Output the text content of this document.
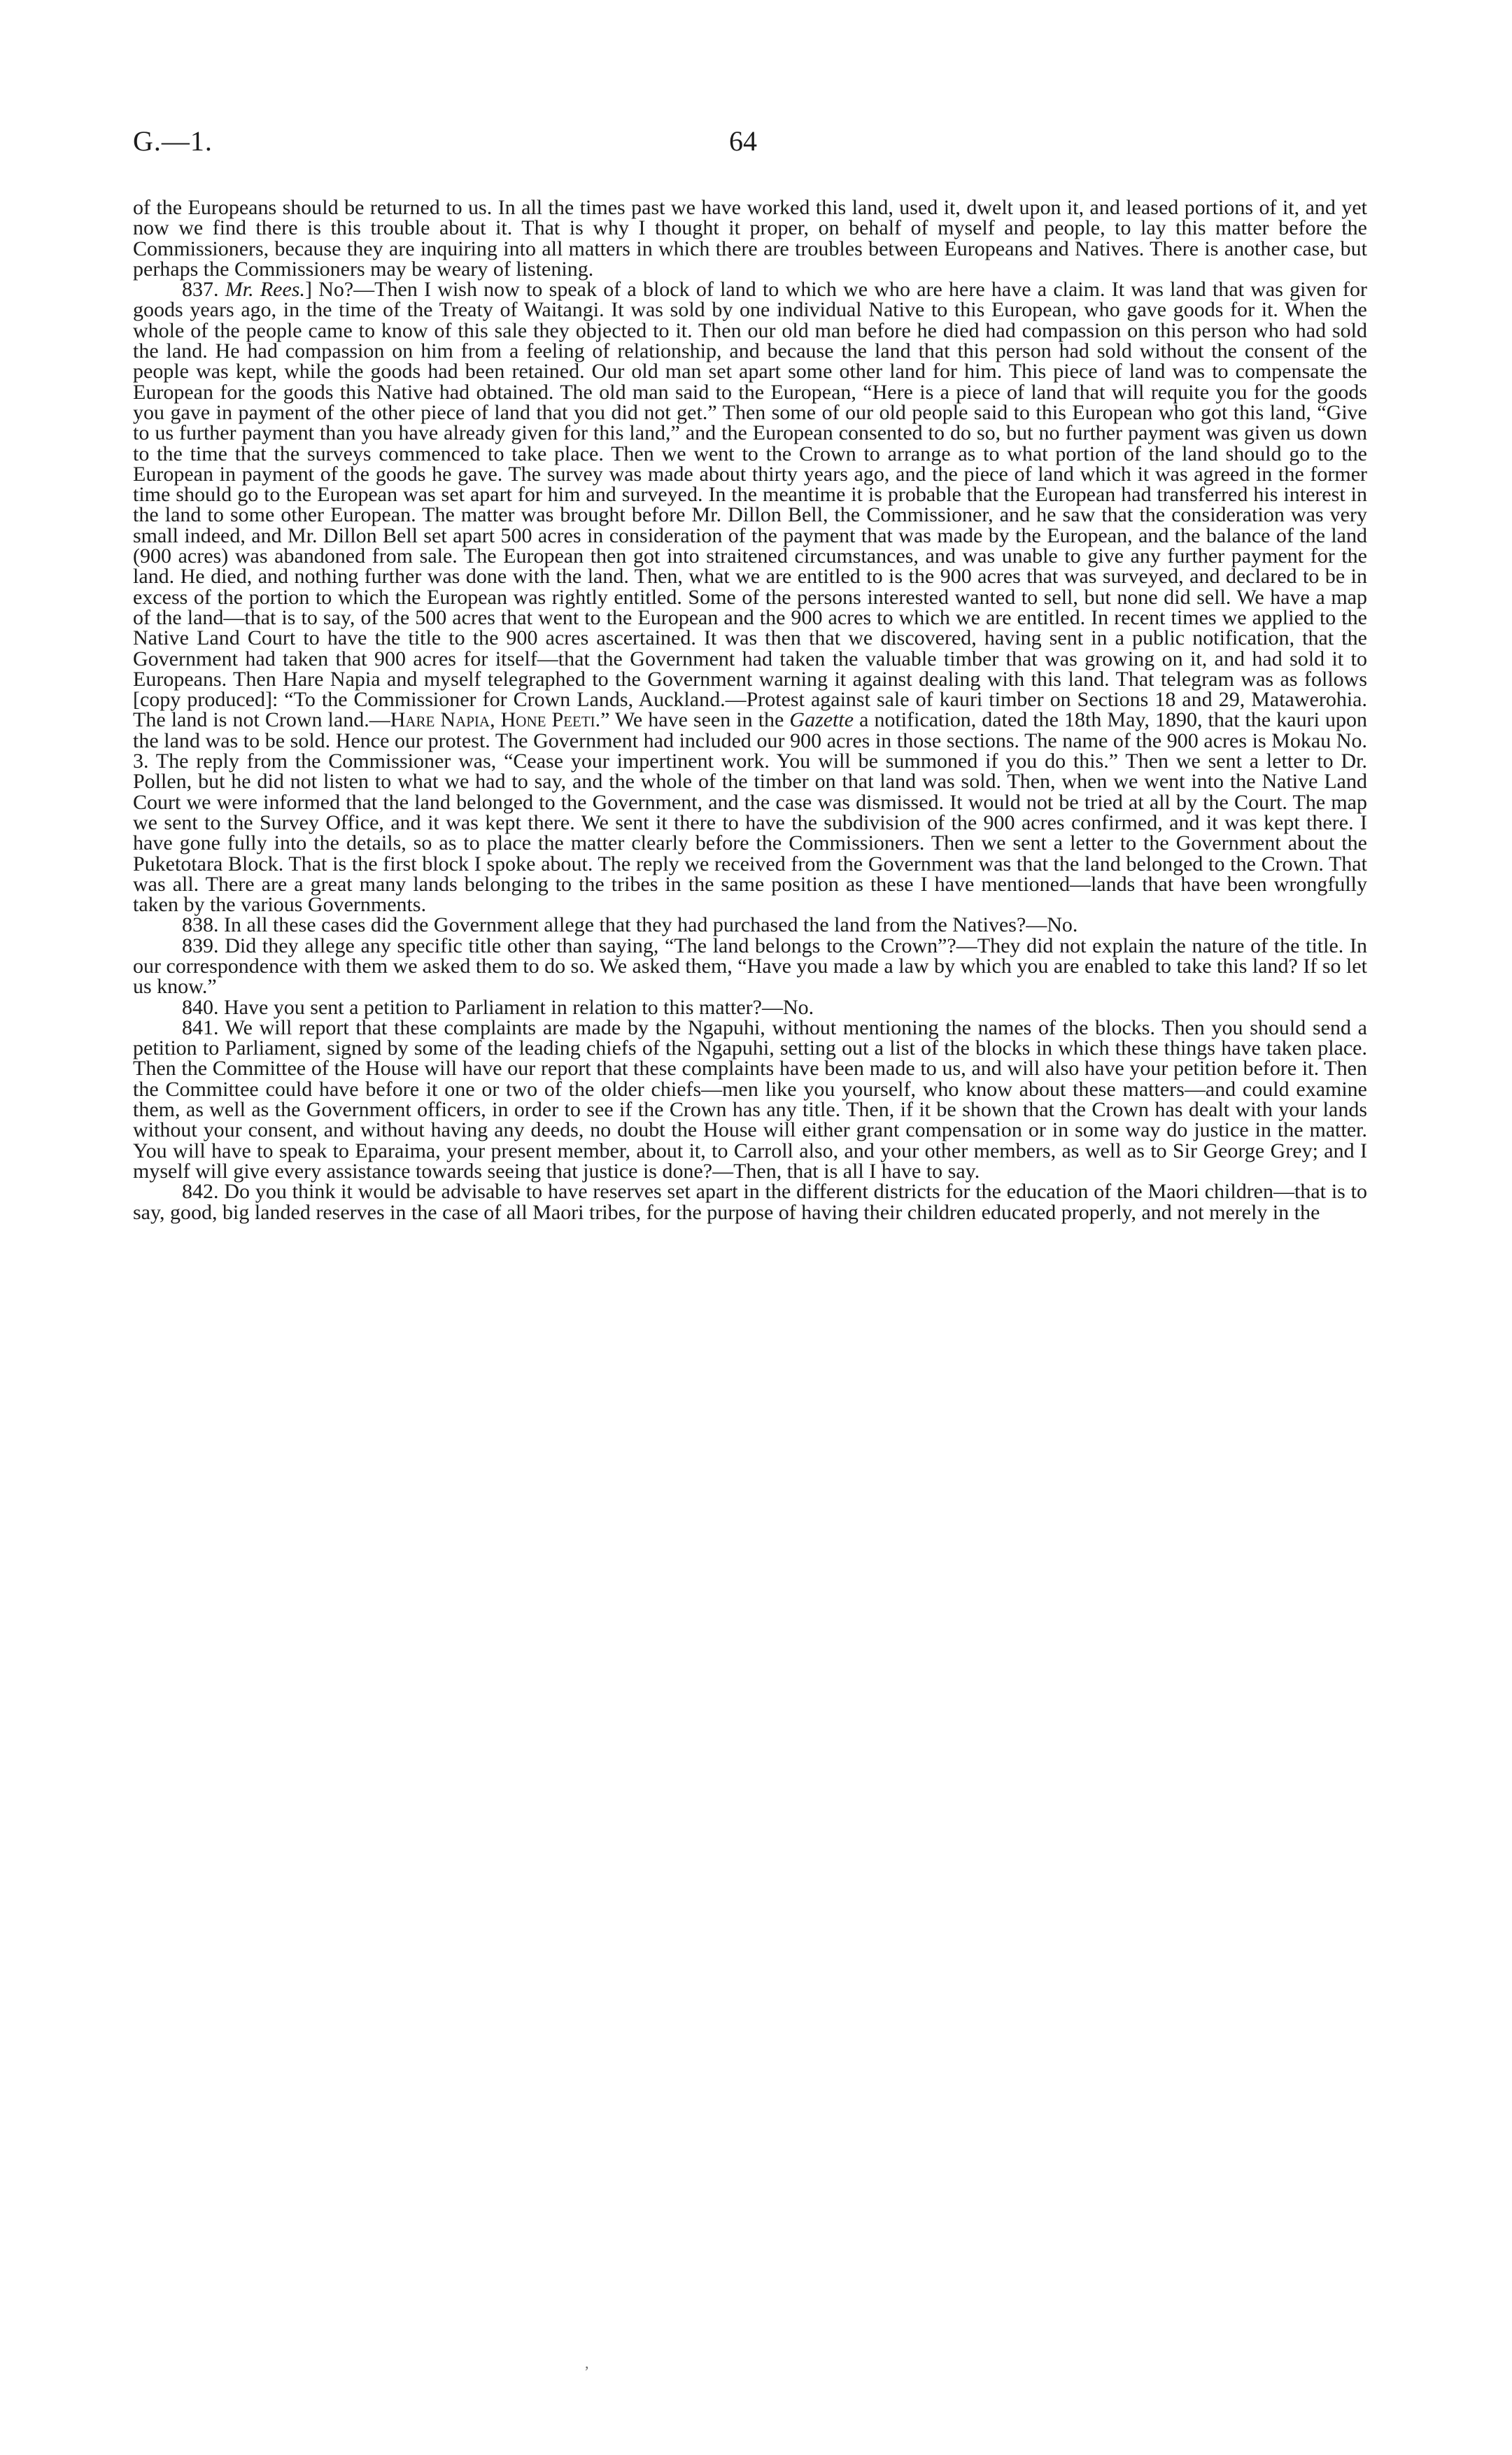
G.—1.	64

of the Europeans should be returned to us. In all the times past we have worked this land, used it, dwelt upon it, and leased portions of it, and yet now we find there is this trouble about it. That is why I thought it proper, on behalf of myself and people, to lay this matter before the Commissioners, because they are inquiring into all matters in which there are troubles between Europeans and Natives. There is another case, but perhaps the Commissioners may be weary of listening.

837. Mr. Rees.] No?—Then I wish now to speak of a block of land to which we who are here have a claim. It was land that was given for goods years ago, in the time of the Treaty of Waitangi. It was sold by one individual Native to this European, who gave goods for it. When the whole of the people came to know of this sale they objected to it. Then our old man before he died had compassion on this person who had sold the land. He had compassion on him from a feeling of relationship, and because the land that this person had sold without the consent of the people was kept, while the goods had been retained. Our old man set apart some other land for him. This piece of land was to compensate the European for the goods this Native had obtained. The old man said to the European, “Here is a piece of land that will requite you for the goods you gave in payment of the other piece of land that you did not get.” Then some of our old people said to this European who got this land, “Give to us further payment than you have already given for this land,” and the European consented to do so, but no further payment was given us down to the time that the surveys commenced to take place. Then we went to the Crown to arrange as to what portion of the land should go to the European in payment of the goods he gave. The survey was made about thirty years ago, and the piece of land which it was agreed in the former time should go to the European was set apart for him and surveyed. In the meantime it is probable that the European had transferred his interest in the land to some other European. The matter was brought before Mr. Dillon Bell, the Commissioner, and he saw that the consideration was very small indeed, and Mr. Dillon Bell set apart 500 acres in consideration of the payment that was made by the European, and the balance of the land (900 acres) was abandoned from sale. The European then got into straitened circumstances, and was unable to give any further payment for the land. He died, and nothing further was done with the land. Then, what we are entitled to is the 900 acres that was surveyed, and declared to be in excess of the portion to which the European was rightly entitled. Some of the persons interested wanted to sell, but none did sell. We have a map of the land—that is to say, of the 500 acres that went to the European and the 900 acres to which we are entitled. In recent times we applied to the Native Land Court to have the title to the 900 acres ascertained. It was then that we discovered, having sent in a public notification, that the Government had taken that 900 acres for itself—that the Government had taken the valuable timber that was growing on it, and had sold it to Europeans. Then Hare Napia and myself telegraphed to the Government warning it against dealing with this land. That telegram was as follows [copy produced]: “To the Commissioner for Crown Lands, Auckland.—Protest against sale of kauri timber on Sections 18 and 29, Matawerohia. The land is not Crown land.—Hare Napia, Hone Peeti.” We have seen in the Gazette a notification, dated the 18th May, 1890, that the kauri upon the land was to be sold. Hence our protest. The Government had included our 900 acres in those sections. The name of the 900 acres is Mokau No. 3. The reply from the Commissioner was, “Cease your impertinent work. You will be summoned if you do this.” Then we sent a letter to Dr. Pollen, but he did not listen to what we had to say, and the whole of the timber on that land was sold. Then, when we went into the Native Land Court we were informed that the land belonged to the Government, and the case was dismissed. It would not be tried at all by the Court. The map we sent to the Survey Office, and it was kept there. We sent it there to have the subdivision of the 900 acres confirmed, and it was kept there. I have gone fully into the details, so as to place the matter clearly before the Commissioners. Then we sent a letter to the Government about the Puketotara Block. That is the first block I spoke about. The reply we received from the Government was that the land belonged to the Crown. That was all. There are a great many lands belonging to the tribes in the same position as these I have mentioned—lands that have been wrongfully taken by the various Governments.

838. In all these cases did the Government allege that they had purchased the land from the Natives?—No.

839. Did they allege any specific title other than saying, “The land belongs to the Crown”?—They did not explain the nature of the title. In our correspondence with them we asked them to do so. We asked them, “Have you made a law by which you are enabled to take this land? If so let us know.”

840. Have you sent a petition to Parliament in relation to this matter?—No.

841. We will report that these complaints are made by the Ngapuhi, without mentioning the names of the blocks. Then you should send a petition to Parliament, signed by some of the leading chiefs of the Ngapuhi, setting out a list of the blocks in which these things have taken place. Then the Committee of the House will have our report that these complaints have been made to us, and will also have your petition before it. Then the Committee could have before it one or two of the older chiefs—men like you yourself, who know about these matters—and could examine them, as well as the Government officers, in order to see if the Crown has any title. Then, if it be shown that the Crown has dealt with your lands without your consent, and without having any deeds, no doubt the House will either grant compensation or in some way do justice in the matter. You will have to speak to Eparaima, your present member, about it, to Carroll also, and your other members, as well as to Sir George Grey; and I myself will give every assistance towards seeing that justice is done?—Then, that is all I have to say.

842. Do you think it would be advisable to have reserves set apart in the different districts for the education of the Maori children—that is to say, good, big landed reserves in the case of all Maori tribes, for the purpose of having their children educated properly, and not merely in the

,
